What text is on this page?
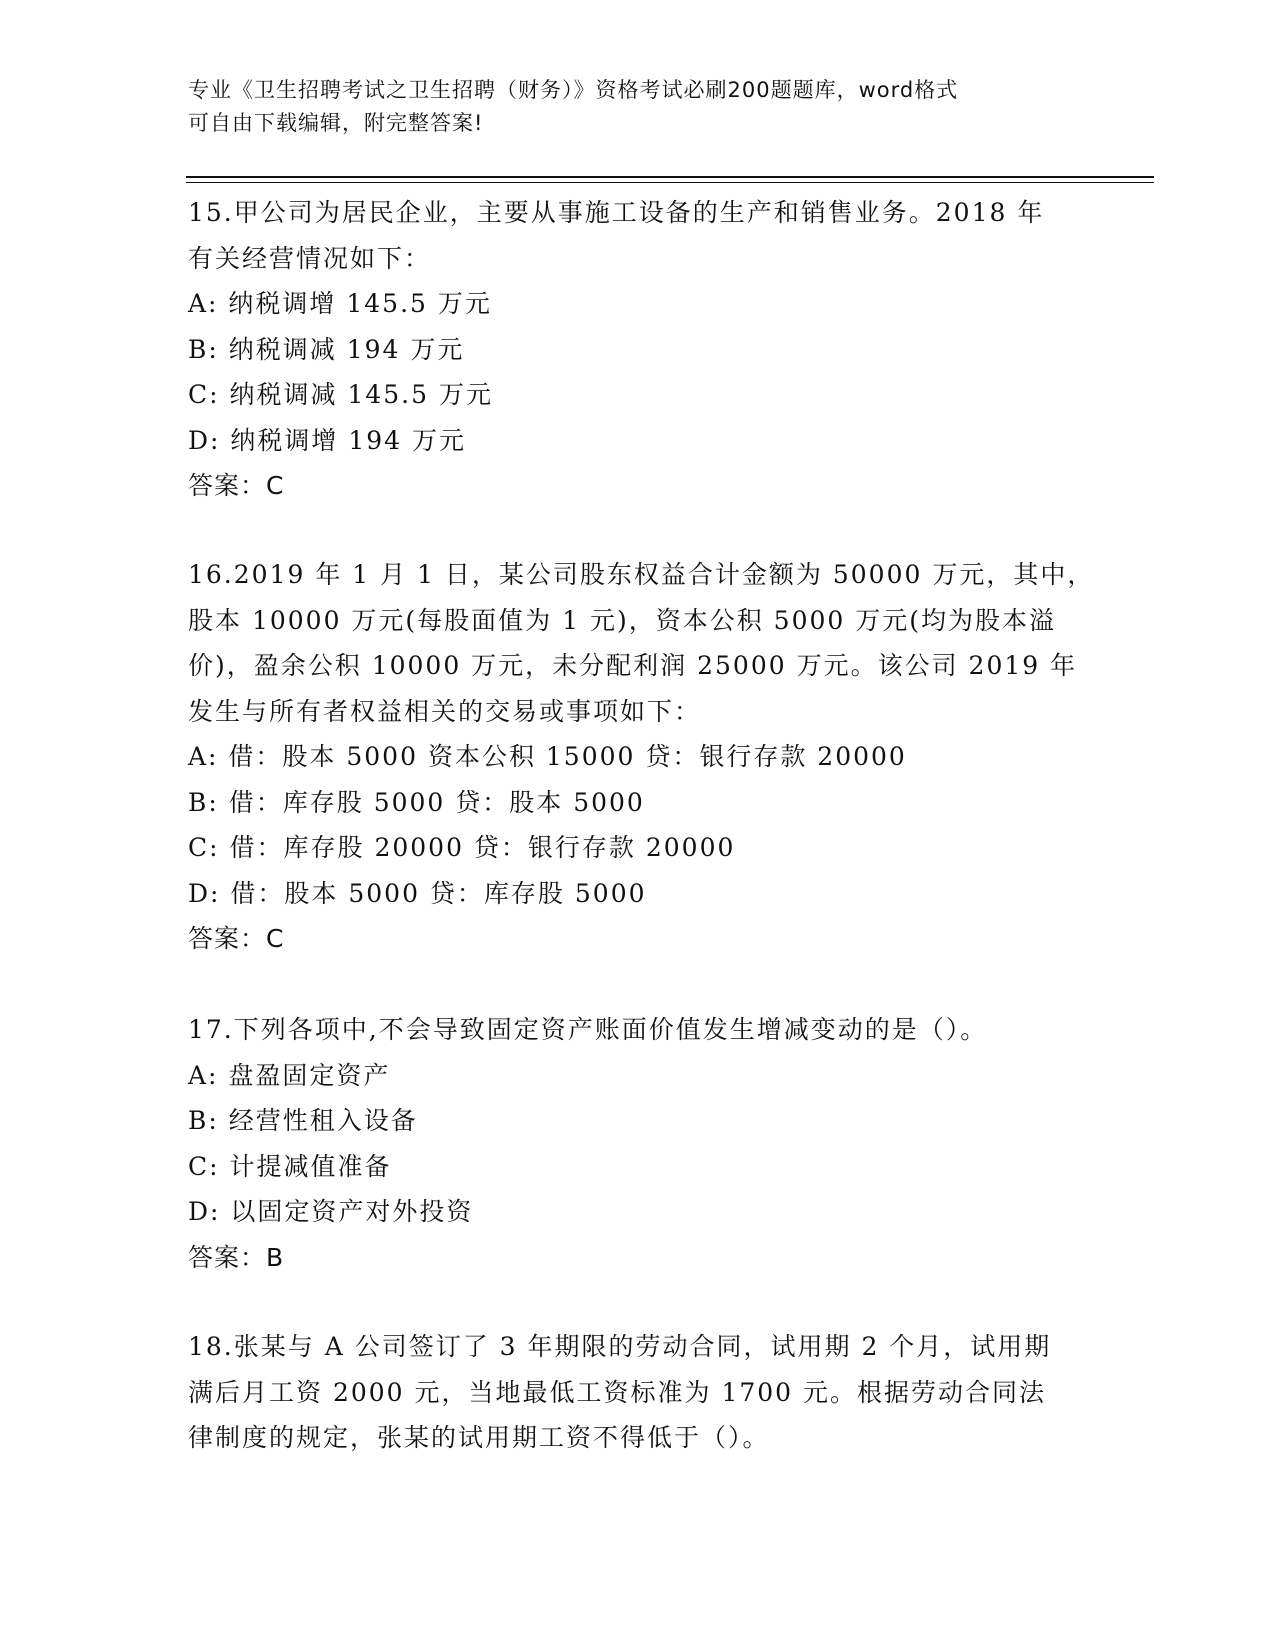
专业《卫生招聘考试之卫生招聘（财务）》资格考试必刷200题题库，word格式
可自由下载编辑，附完整答案!
15.甲公司为居民企业，主要从事施工设备的生产和销售业务。2018 年
有关经营情况如下：
A: 纳税调增 145.5 万元
B: 纳税调减 194 万元
C: 纳税调减 145.5 万元
D: 纳税调增 194 万元
答案：C
16.2019 年 1 月 1 日，某公司股东权益合计金额为 50000 万元，其中，
股本 10000 万元(每股面值为 1 元)，资本公积 5000 万元(均为股本溢
价)，盈余公积 10000 万元，未分配利润 25000 万元。该公司 2019 年
发生与所有者权益相关的交易或事项如下：
A: 借：股本 5000 资本公积 15000 贷：银行存款 20000
B: 借：库存股 5000 贷：股本 5000
C: 借：库存股 20000 贷：银行存款 20000
D: 借：股本 5000 贷：库存股 5000
答案：C
17.下列各项中,不会导致固定资产账面价值发生增减变动的是（）。
A: 盘盈固定资产
B: 经营性租入设备
C: 计提减值准备
D: 以固定资产对外投资
答案：B
18.张某与 A 公司签订了 3 年期限的劳动合同，试用期 2 个月，试用期
满后月工资 2000 元，当地最低工资标准为 1700 元。根据劳动合同法
律制度的规定，张某的试用期工资不得低于（）。
